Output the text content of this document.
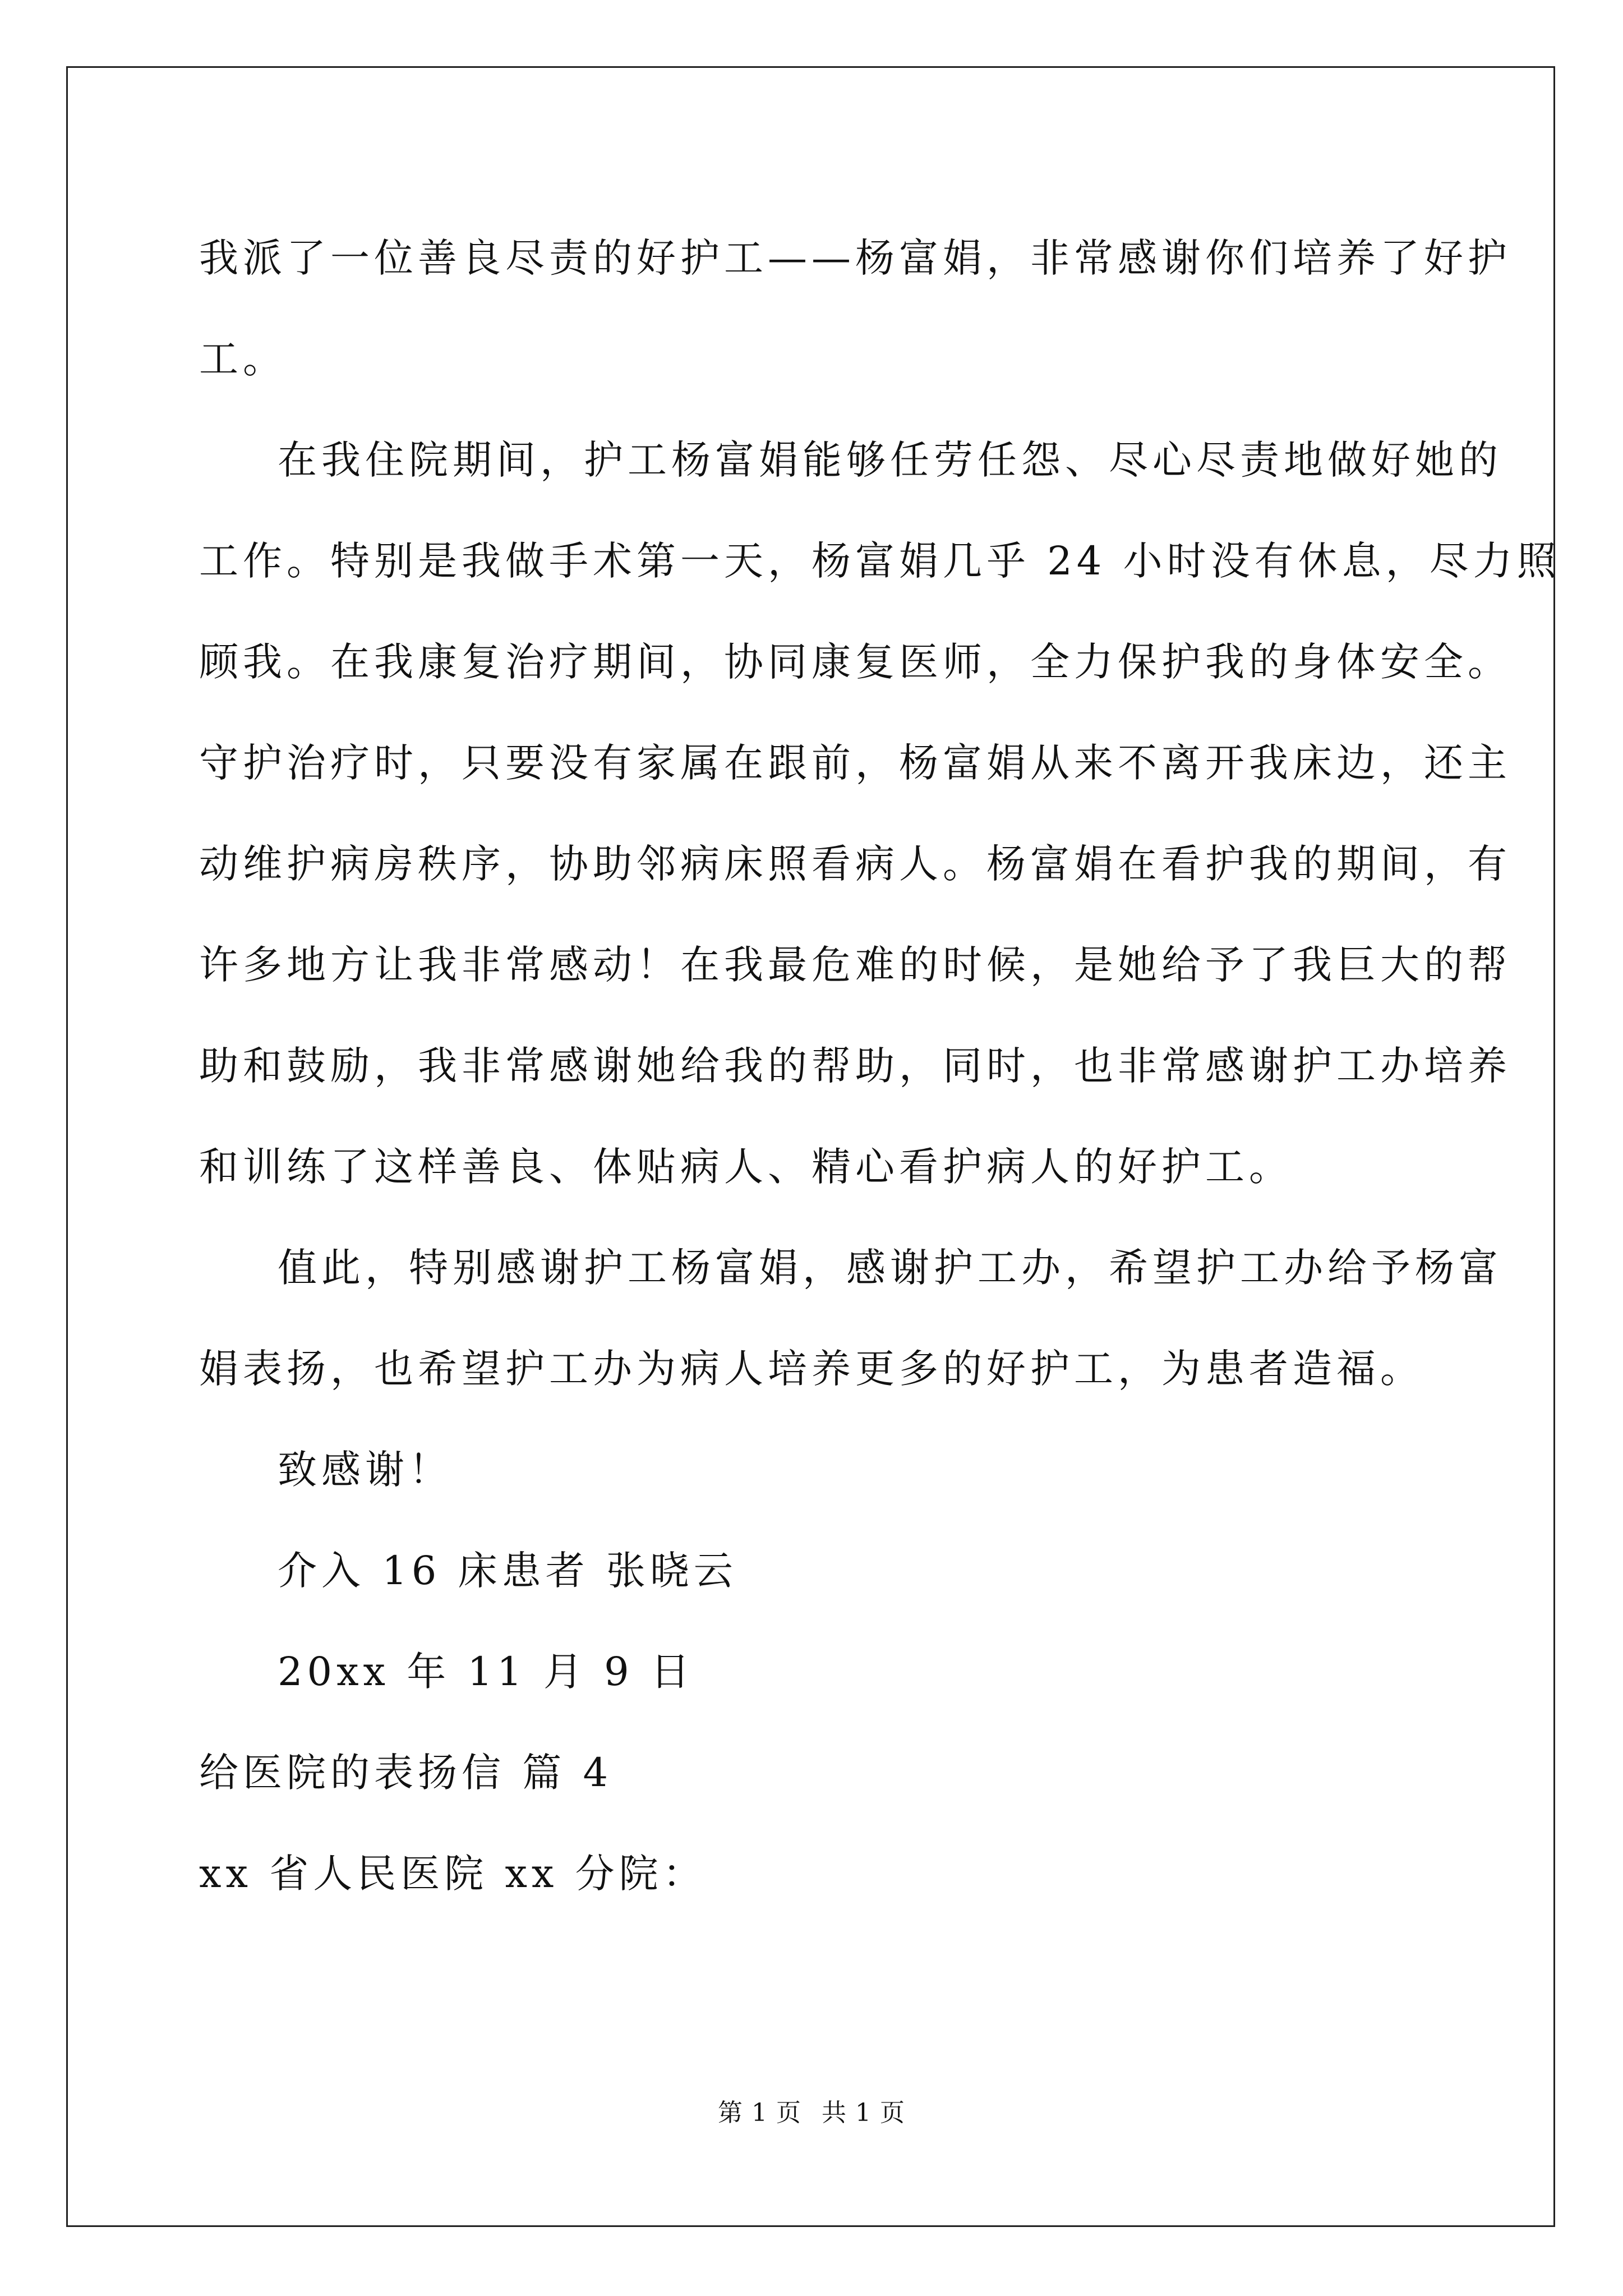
我派了一位善良尽责的好护工——杨富娟，非常感谢你们培养了好护
工。
在我住院期间，护工杨富娟能够任劳任怨、尽心尽责地做好她的
工作。特别是我做手术第一天，杨富娟几乎 24 小时没有休息，尽力照
顾我。在我康复治疗期间，协同康复医师，全力保护我的身体安全。
守护治疗时，只要没有家属在跟前，杨富娟从来不离开我床边，还主
动维护病房秩序，协助邻病床照看病人。杨富娟在看护我的期间，有
许多地方让我非常感动！在我最危难的时候，是她给予了我巨大的帮
助和鼓励，我非常感谢她给我的帮助，同时，也非常感谢护工办培养
和训练了这样善良、体贴病人、精心看护病人的好护工。
值此，特别感谢护工杨富娟，感谢护工办，希望护工办给予杨富
娟表扬，也希望护工办为病人培养更多的好护工，为患者造福。
致感谢！
介入 16 床患者 张晓云
20xx 年 11 月 9 日
给医院的表扬信 篇 4
xx 省人民医院 xx 分院：
第 1 页 共 1 页
